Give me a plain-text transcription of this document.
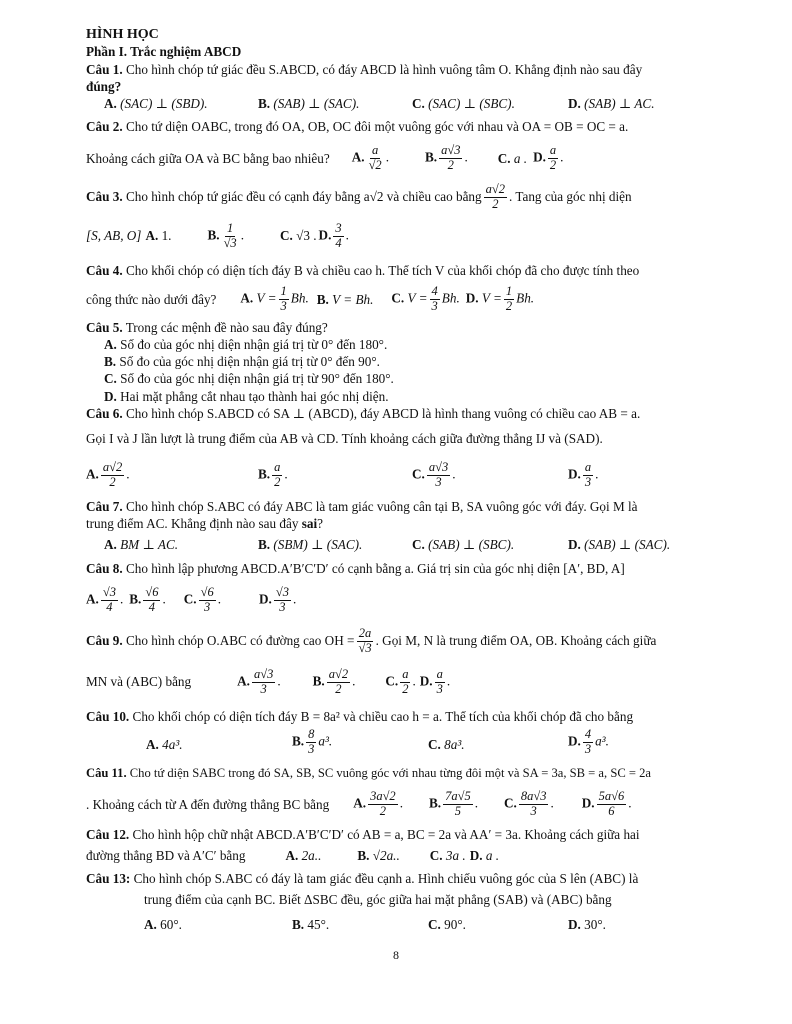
HÌNH HỌC
Phần I. Trắc nghiệm ABCD
Câu 1. Cho hình chóp tứ giác đều S.ABCD, có đáy ABCD là hình vuông tâm O. Khẳng định nào sau đây
đúng?
A. (SAC) ⊥ (SBD).	B. (SAB) ⊥ (SAC).	C. (SAC) ⊥ (SBC).	D. (SAB) ⊥ AC.
Câu 2. Cho tứ diện OABC, trong đó OA, OB, OC đôi một vuông góc với nhau và OA = OB = OC = a.
Khoảng cách giữa OA và BC bằng bao nhiêu? A. $\frac{a}{√2}$ .	B. $\frac{a√3}{2}$ . C. a . D. $\frac{a}{2}$ .
Câu 3.
Cho hình chóp tứ giác đều có cạnh đáy bằng a√2 và chiều cao bằng $\frac{a√2}{2}$ . Tang của góc nhị diện
[S, AB, O] A. 1.	B. $\frac{1}{√3}$ .	C. √3 . D. $\frac{3}{4}$ .
Câu 4. Cho khối chóp có diện tích đáy B và chiều cao h. Thể tích V của khối chóp đã cho được tính theo
công thức nào dưới đây? A. $V = \frac{1}{3} Bh$. B. V = Bh. C. $V = \frac{4}{3} Bh$. D. $V = \frac{1}{2} Bh$.
Câu 5. Trong các mệnh đề nào sau đây đúng?
A. Số đo của góc nhị diện nhận giá trị từ 0° đến 180°.
B. Số đo của góc nhị diện nhận giá trị từ 0° đến 90°.
C. Số đo của góc nhị diện nhận giá trị từ 90° đến 180°.
D. Hai mặt phẳng cắt nhau tạo thành hai góc nhị diện.
Câu 6. Cho hình chóp S.ABCD có SA ⊥ (ABCD), đáy ABCD là hình thang vuông có chiều cao AB = a.
Gọi I và J lần lượt là trung điểm của AB và CD. Tính khoảng cách giữa đường thẳng IJ và (SAD).
A. $\frac{a√2}{2}$ .	B. $\frac{a}{2}$ .	C. $\frac{a√3}{3}$ .	D. $\frac{a}{3}$ .
Câu 7. Cho hình chóp S.ABC có đáy ABC là tam giác vuông cân tại B, SA vuông góc với đáy. Gọi M là
trung điểm AC. Khẳng định nào sau đây sai?
A. BM ⊥ AC.	B. (SBM) ⊥ (SAC).	C. (SAB) ⊥ (SBC).	D. (SAB) ⊥ (SAC).
Câu 8. Cho hình lập phương ABCD.A′B′C′D′ có cạnh bằng a. Giá trị sin của góc nhị diện [A′, BD, A]
A. $\frac{√3}{4}$ . B. $\frac{√6}{4}$ . C. $\frac{√6}{3}$ .	D. $\frac{√3}{3}$ .
Câu 9.
Cho hình chóp O.ABC có đường cao OH = $\frac{2a}{√3}$ . Gọi M, N là trung điểm OA, OB. Khoảng cách giữa
MN và (ABC) bằng	A. $\frac{a√3}{3}$ . B. $\frac{a√2}{2}$ . C. $\frac{a}{2}$ . D. $\frac{a}{3}$ .
Câu 10. Cho khối chóp có diện tích đáy B = 8a² và chiều cao h = a. Thể tích của khối chóp đã cho bằng
A. 4a³.	B. $\frac{8}{3} a^3$.	C. 8a³.	D. $\frac{4}{3} a^3$.
Câu 11. Cho tứ diện SABC trong đó SA, SB, SC vuông góc với nhau từng đôi một và SA = 3a, SB = a, SC = 2a
. Khoảng cách từ A đến đường thẳng BC bằng A. $\frac{3a√2}{2}$ . B. $\frac{7a√5}{5}$ . C. $\frac{8a√3}{3}$ . D. $\frac{5a√6}{6}$ .
Câu 12. Cho hình hộp chữ nhật ABCD.A′B′C′D′ có AB = a, BC = 2a và AA′ = 3a. Khoảng cách giữa hai
đường thẳng BD và A′C′ bằng	A. 2a..	B. √2a.. C. 3a . D. a .
Câu 13: Cho hình chóp S.ABC có đáy là tam giác đều cạnh a. Hình chiếu vuông góc của S lên (ABC) là
trung điểm của cạnh BC. Biết ΔSBC đều, góc giữa hai mặt phẳng (SAB) và (ABC) bằng
A. 60°.	B. 45°.	C. 90°.	D. 30°.
8
